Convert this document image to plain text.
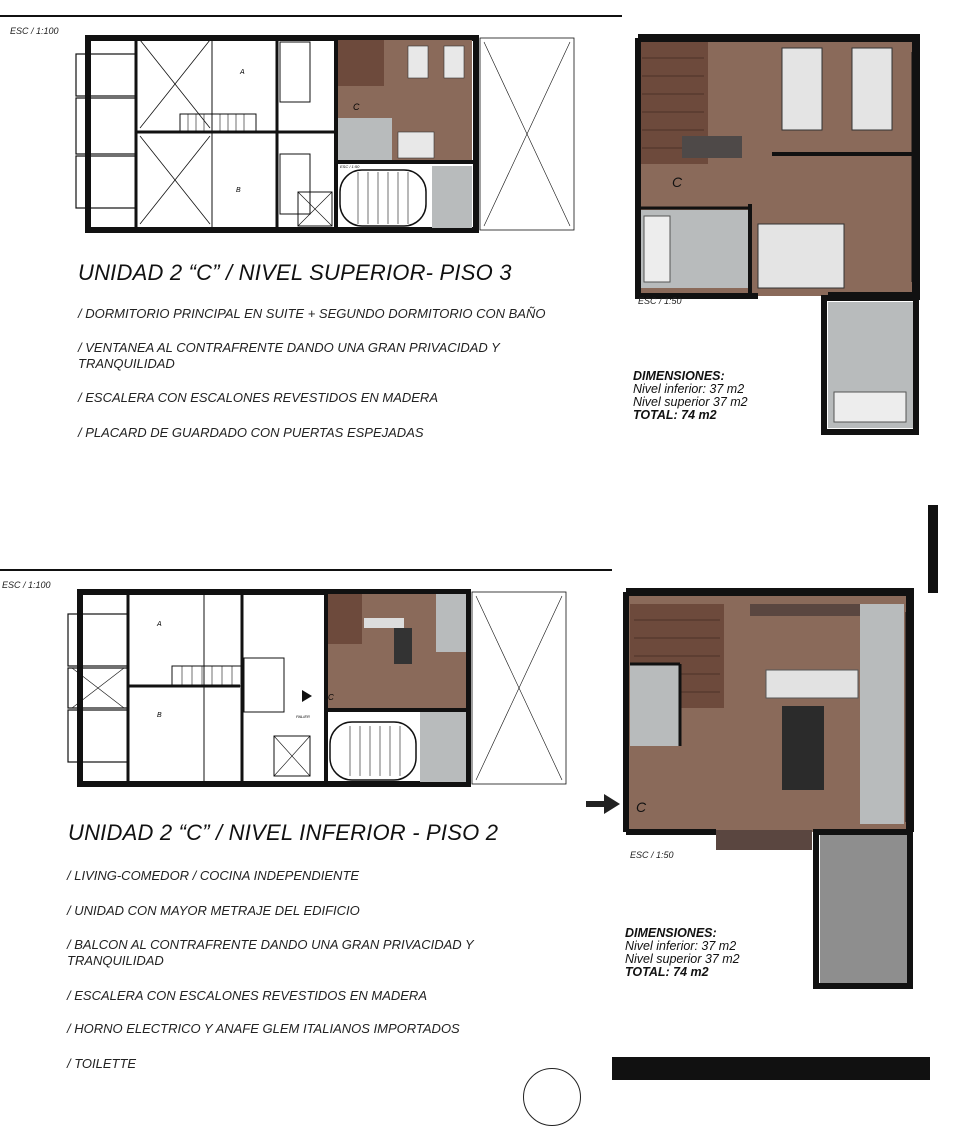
ESC / 1:100
A
B
C
ESC / 1:50
UNIDAD 2 “C” / NIVEL SUPERIOR- PISO 3
/ DORMITORIO PRINCIPAL EN SUITE + SEGUNDO DORMITORIO CON BAÑO
/ VENTANEA AL CONTRAFRENTE DANDO UNA GRAN PRIVACIDAD Y
TRANQUILIDAD
/ ESCALERA CON ESCALONES REVESTIDOS EN MADERA
/ PLACARD DE GUARDADO CON PUERTAS ESPEJADAS
C
ESC / 1:50
DIMENSIONES:
Nivel inferior: 37 m2
Nivel superior 37 m2
TOTAL: 74 m2
ESC / 1:100
A
B
C
PALIER
UNIDAD 2 “C” / NIVEL INFERIOR - PISO 2
/ LIVING-COMEDOR / COCINA INDEPENDIENTE
/ UNIDAD CON MAYOR METRAJE DEL EDIFICIO
/ BALCON AL CONTRAFRENTE DANDO UNA GRAN PRIVACIDAD Y
TRANQUILIDAD
/ ESCALERA CON ESCALONES REVESTIDOS EN MADERA
/ HORNO ELECTRICO Y ANAFE GLEM ITALIANOS IMPORTADOS
/ TOILETTE
C
ESC / 1:50
DIMENSIONES:
Nivel inferior: 37 m2
Nivel superior 37 m2
TOTAL: 74 m2
